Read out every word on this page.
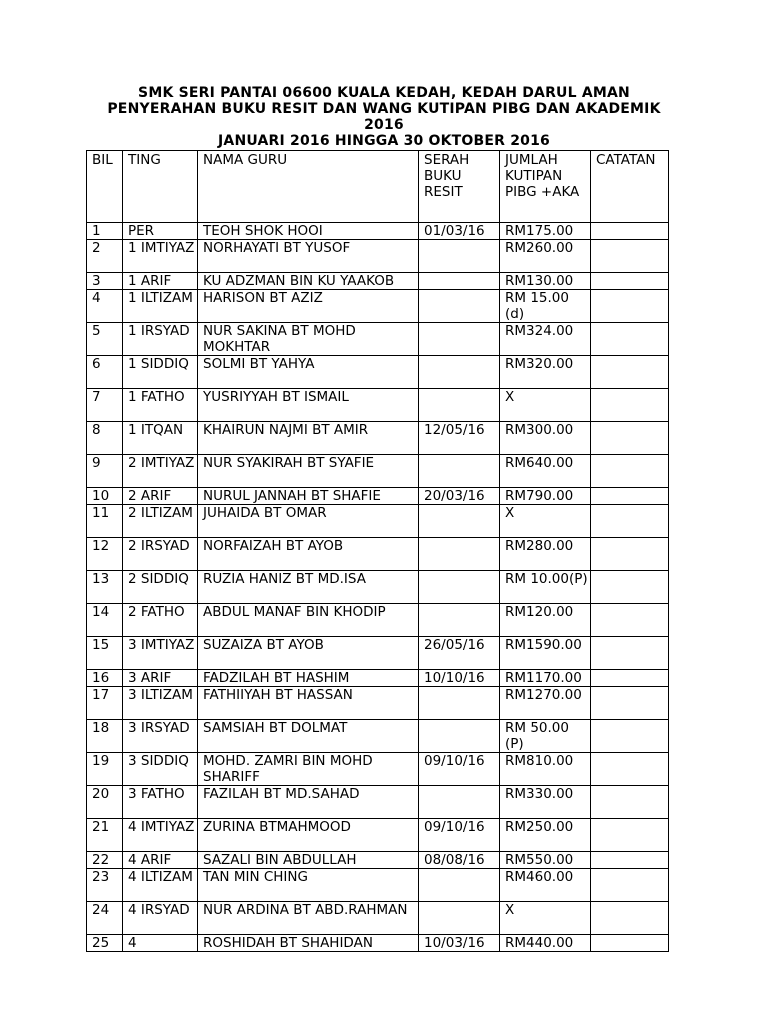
SMK SERI PANTAI 06600 KUALA KEDAH, KEDAH DARUL AMAN
PENYERAHAN BUKU RESIT DAN WANG KUTIPAN PIBG DAN AKADEMIK
2016
JANUARI 2016 HINGGA 30 OKTOBER 2016
BIL	TING	NAMA GURU	SERAH BUKU RESIT	JUMLAH KUTIPAN PIBG +AKA	CATATAN
1	PER	TEOH SHOK HOOI	01/03/16	RM175.00	
2	1 IMTIYAZ	NORHAYATI BT YUSOF		RM260.00	
3	1 ARIF	KU ADZMAN BIN KU YAAKOB		RM130.00	
4	1 ILTIZAM	HARISON BT AZIZ		RM 15.00 (d)	
5	1 IRSYAD	NUR SAKINA BT MOHD MOKHTAR		RM324.00	
6	1 SIDDIQ	SOLMI BT YAHYA		RM320.00	
7	1 FATHO	YUSRIYYAH BT ISMAIL		X	
8	1 ITQAN	KHAIRUN NAJMI BT AMIR	12/05/16	RM300.00	
9	2 IMTIYAZ	NUR SYAKIRAH BT SYAFIE		RM640.00	
10	2 ARIF	NURUL JANNAH BT SHAFIE	20/03/16	RM790.00	
11	2 ILTIZAM	JUHAIDA BT OMAR		X	
12	2 IRSYAD	NORFAIZAH BT AYOB		RM280.00	
13	2 SIDDIQ	RUZIA HANIZ BT MD.ISA		RM 10.00(P)	
14	2 FATHO	ABDUL MANAF BIN KHODIP		RM120.00	
15	3 IMTIYAZ	SUZAIZA BT AYOB	26/05/16	RM1590.00	
16	3 ARIF	FADZILAH BT HASHIM	10/10/16	RM1170.00	
17	3 ILTIZAM	FATHIIYAH BT HASSAN		RM1270.00	
18	3 IRSYAD	SAMSIAH BT DOLMAT		RM 50.00 (P)	
19	3 SIDDIQ	MOHD. ZAMRI BIN MOHD SHARIFF	09/10/16	RM810.00	
20	3 FATHO	FAZILAH BT MD.SAHAD		RM330.00	
21	4 IMTIYAZ	ZURINA BTMAHMOOD	09/10/16	RM250.00	
22	4 ARIF	SAZALI BIN ABDULLAH	08/08/16	RM550.00	
23	4 ILTIZAM	TAN MIN CHING		RM460.00	
24	4 IRSYAD	NUR ARDINA BT ABD.RAHMAN		X	
25	4	ROSHIDAH BT SHAHIDAN	10/03/16	RM440.00	
